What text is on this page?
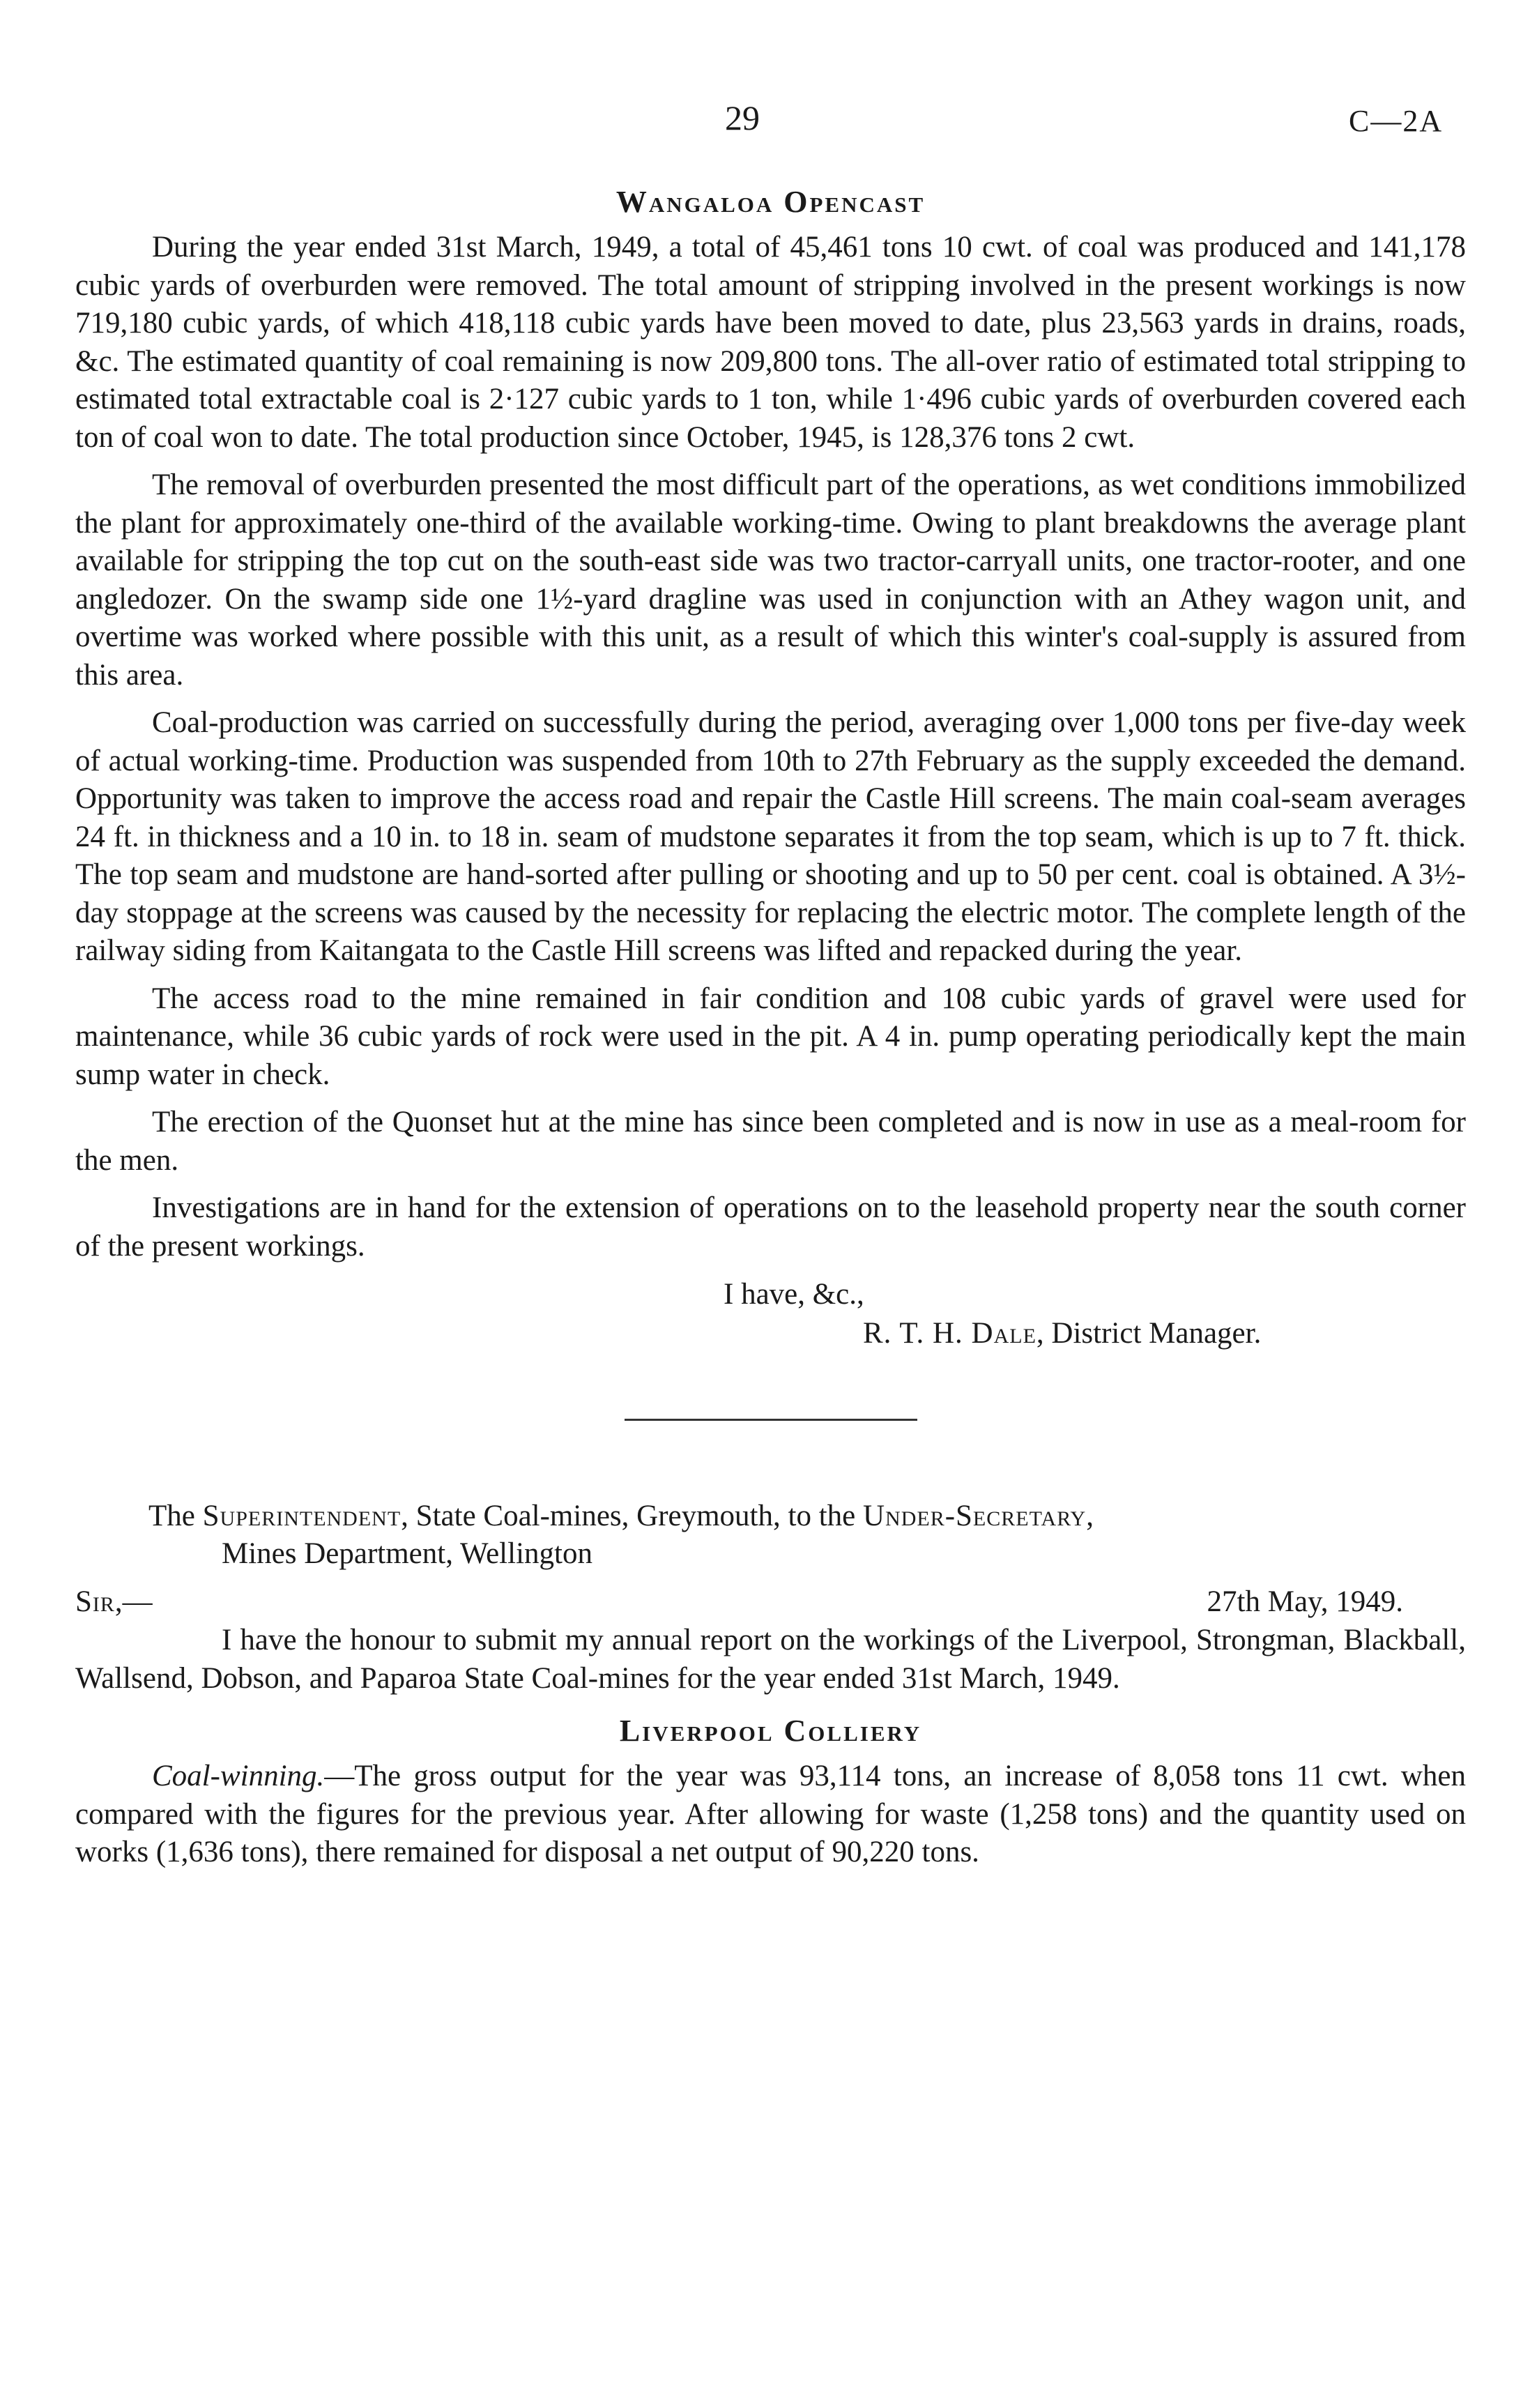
29	C—2A
Wangaloa Opencast

During the year ended 31st March, 1949, a total of 45,461 tons 10 cwt. of coal was produced and 141,178 cubic yards of overburden were removed. The total amount of stripping involved in the present workings is now 719,180 cubic yards, of which 418,118 cubic yards have been moved to date, plus 23,563 yards in drains, roads, &c. The estimated quantity of coal remaining is now 209,800 tons. The all-over ratio of estimated total stripping to estimated total extractable coal is 2·127 cubic yards to 1 ton, while 1·496 cubic yards of overburden covered each ton of coal won to date. The total production since October, 1945, is 128,376 tons 2 cwt.

The removal of overburden presented the most difficult part of the operations, as wet conditions immobilized the plant for approximately one-third of the available working-time. Owing to plant breakdowns the average plant available for stripping the top cut on the south-east side was two tractor-carryall units, one tractor-rooter, and one angledozer. On the swamp side one 1½-yard dragline was used in conjunction with an Athey wagon unit, and overtime was worked where possible with this unit, as a result of which this winter's coal-supply is assured from this area.

Coal-production was carried on successfully during the period, averaging over 1,000 tons per five-day week of actual working-time. Production was suspended from 10th to 27th February as the supply exceeded the demand. Opportunity was taken to improve the access road and repair the Castle Hill screens. The main coal-seam averages 24 ft. in thickness and a 10 in. to 18 in. seam of mudstone separates it from the top seam, which is up to 7 ft. thick. The top seam and mudstone are hand-sorted after pulling or shooting and up to 50 per cent. coal is obtained. A 3½-day stoppage at the screens was caused by the necessity for replacing the electric motor. The complete length of the railway siding from Kaitangata to the Castle Hill screens was lifted and repacked during the year.

The access road to the mine remained in fair condition and 108 cubic yards of gravel were used for maintenance, while 36 cubic yards of rock were used in the pit. A 4 in. pump operating periodically kept the main sump water in check.

The erection of the Quonset hut at the mine has since been completed and is now in use as a meal-room for the men.

Investigations are in hand for the extension of operations on to the leasehold property near the south corner of the present workings.

I have, &c.,
R. T. H. Dale, District Manager.
The Superintendent, State Coal-mines, Greymouth, to the Under-Secretary,
Mines Department, Wellington
Sir,—	27th May, 1949.

I have the honour to submit my annual report on the workings of the Liverpool, Strongman, Blackball, Wallsend, Dobson, and Paparoa State Coal-mines for the year ended 31st March, 1949.

Liverpool Colliery

Coal-winning.—The gross output for the year was 93,114 tons, an increase of 8,058 tons 11 cwt. when compared with the figures for the previous year. After allowing for waste (1,258 tons) and the quantity used on works (1,636 tons), there remained for disposal a net output of 90,220 tons.
